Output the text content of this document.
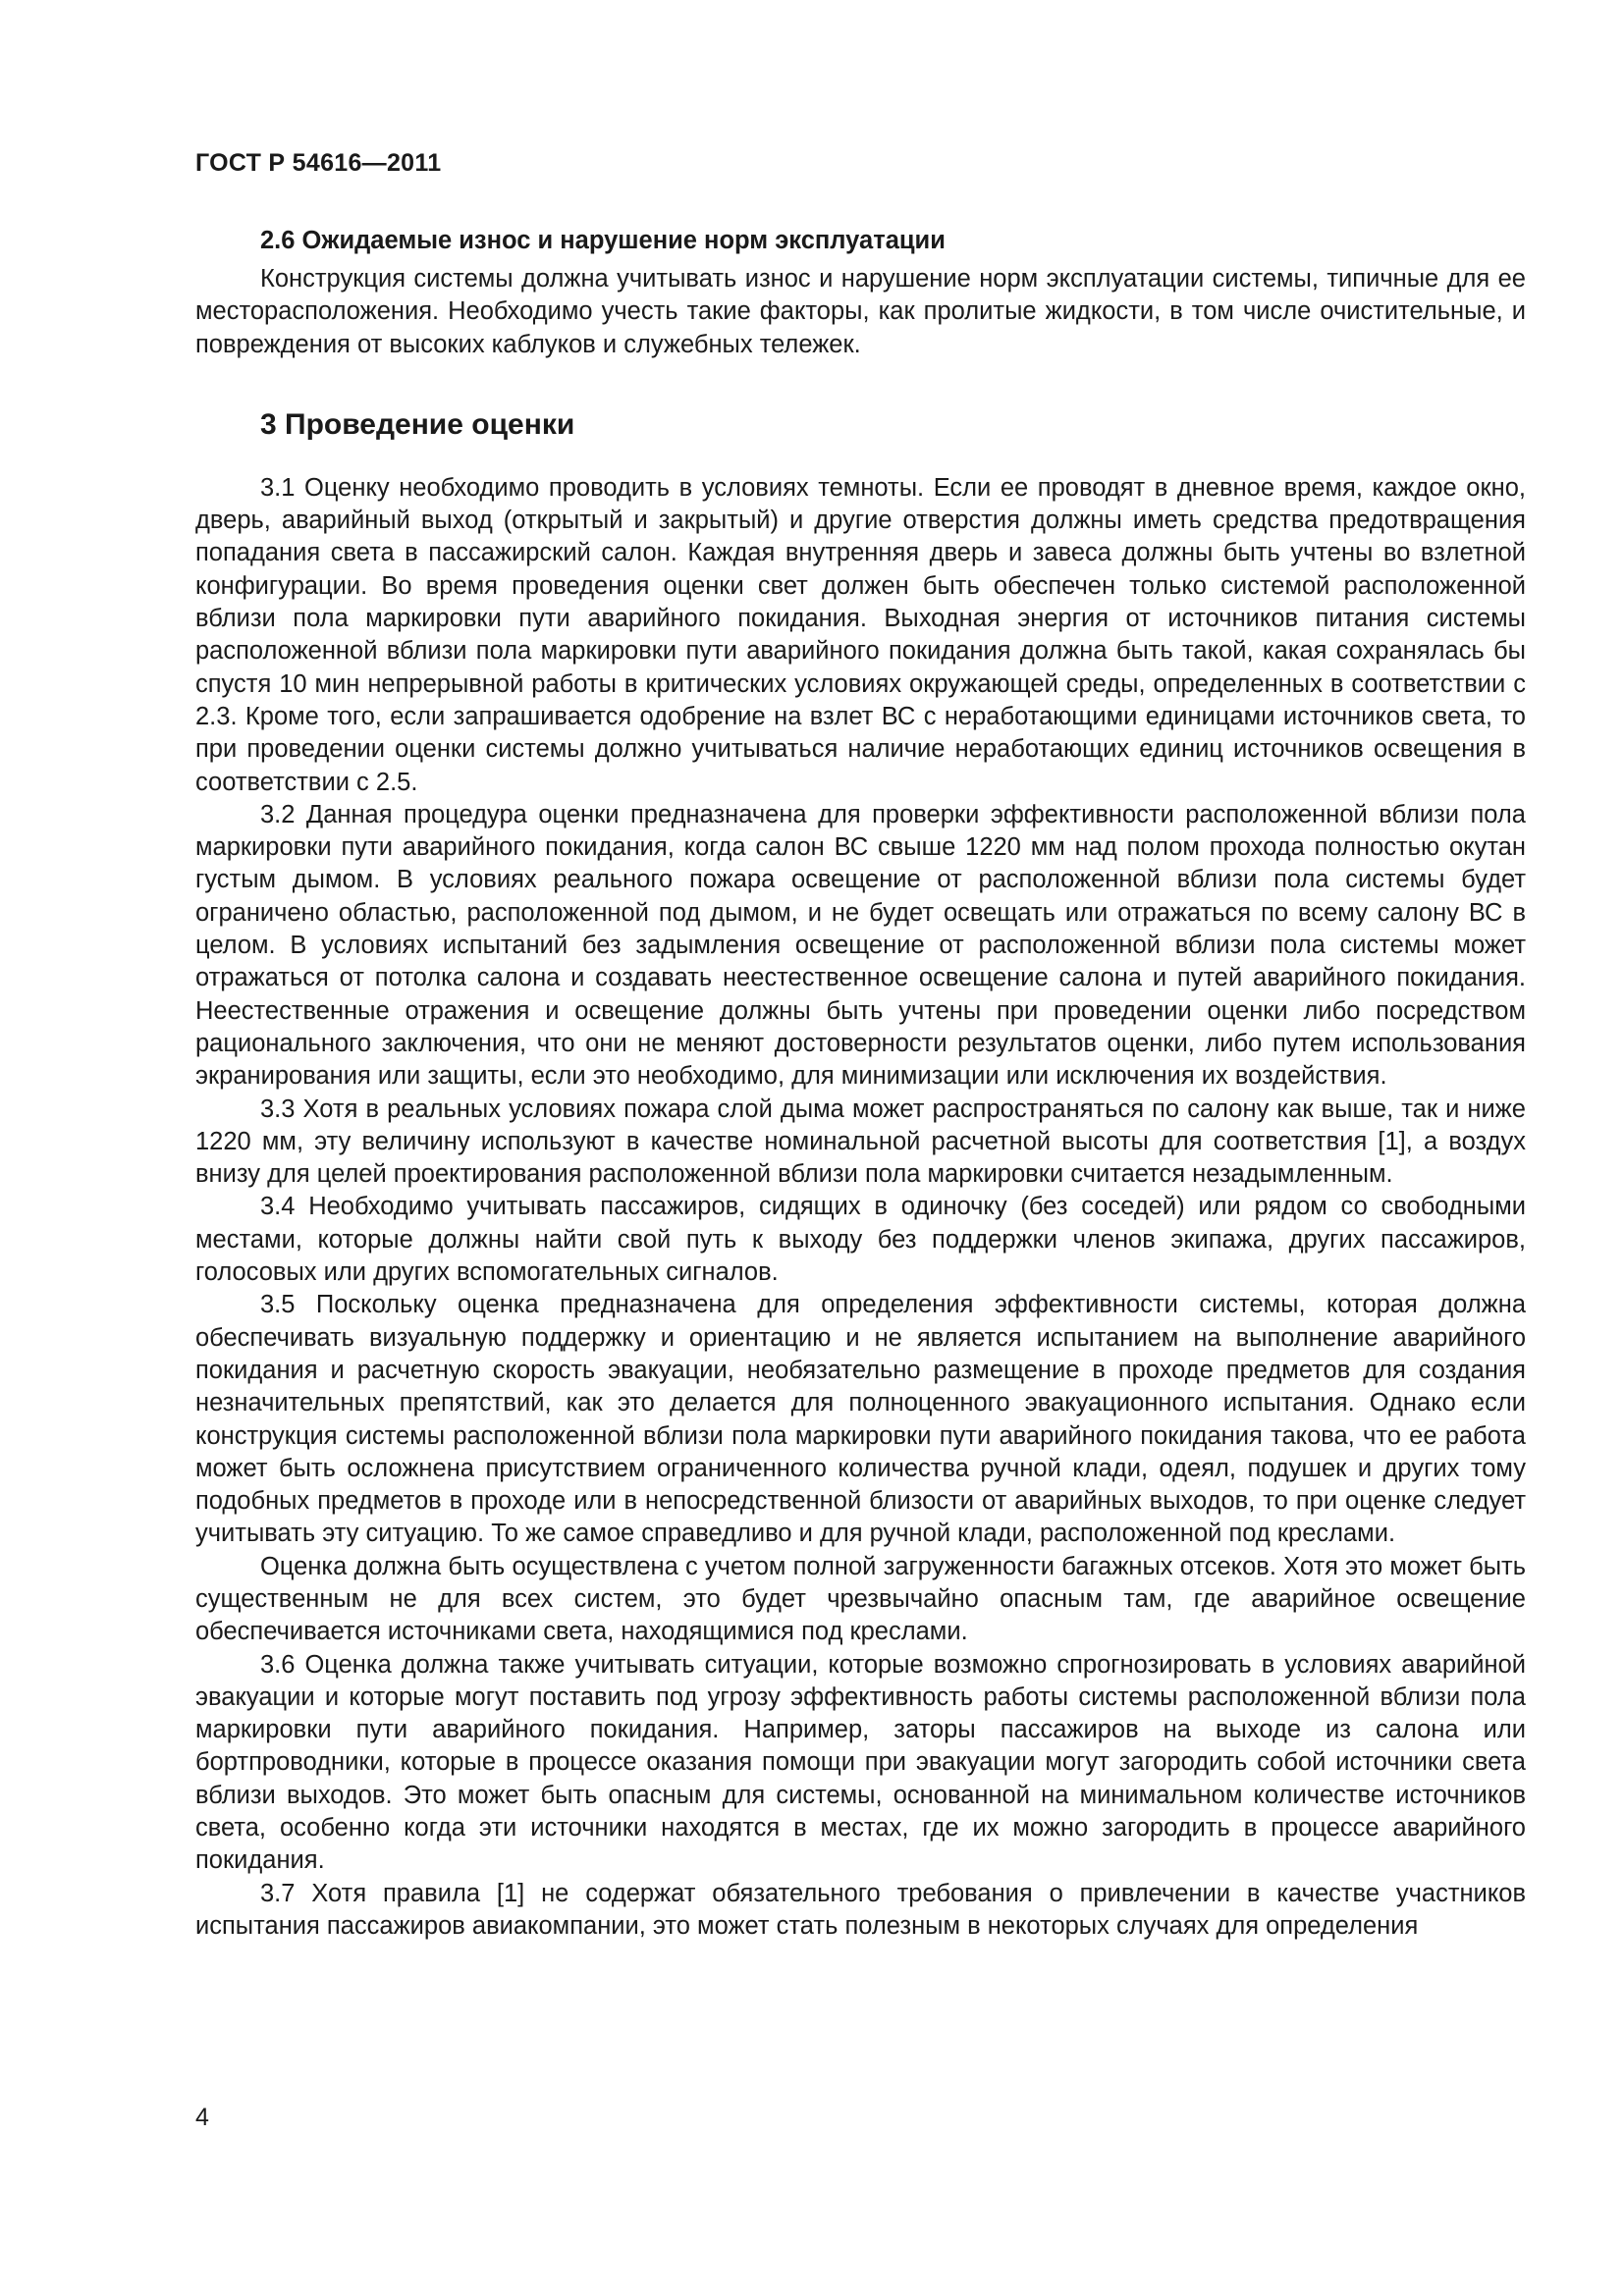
ГОСТ Р 54616—2011
2.6 Ожидаемые износ и нарушение норм эксплуатации

Конструкция системы должна учитывать износ и нарушение норм эксплуатации системы, типичные для ее месторасположения. Необходимо учесть такие факторы, как пролитые жидкости, в том числе очистительные, и повреждения от высоких каблуков и служебных тележек.

3 Проведение оценки

3.1 Оценку необходимо проводить в условиях темноты. Если ее проводят в дневное время, каждое окно, дверь, аварийный выход (открытый и закрытый) и другие отверстия должны иметь средства предотвращения попадания света в пассажирский салон. Каждая внутренняя дверь и завеса должны быть учтены во взлетной конфигурации. Во время проведения оценки свет должен быть обеспечен только системой расположенной вблизи пола маркировки пути аварийного покидания. Выходная энергия от источников питания системы расположенной вблизи пола маркировки пути аварийного покидания должна быть такой, какая сохранялась бы спустя 10 мин непрерывной работы в критических условиях окружающей среды, определенных в соответствии с 2.3. Кроме того, если запрашивается одобрение на взлет ВС с неработающими единицами источников света, то при проведении оценки системы должно учитываться наличие неработающих единиц источников освещения в соответствии с 2.5.

3.2 Данная процедура оценки предназначена для проверки эффективности расположенной вблизи пола маркировки пути аварийного покидания, когда салон ВС свыше 1220 мм над полом прохода полностью окутан густым дымом. В условиях реального пожара освещение от расположенной вблизи пола системы будет ограничено областью, расположенной под дымом, и не будет освещать или отражаться по всему салону ВС в целом. В условиях испытаний без задымления освещение от расположенной вблизи пола системы может отражаться от потолка салона и создавать неестественное освещение салона и путей аварийного покидания. Неестественные отражения и освещение должны быть учтены при проведении оценки либо посредством рационального заключения, что они не меняют достоверности результатов оценки, либо путем использования экранирования или защиты, если это необходимо, для минимизации или исключения их воздействия.

3.3 Хотя в реальных условиях пожара слой дыма может распространяться по салону как выше, так и ниже 1220 мм, эту величину используют в качестве номинальной расчетной высоты для соответствия [1], а воздух внизу для целей проектирования расположенной вблизи пола маркировки считается незадымленным.

3.4 Необходимо учитывать пассажиров, сидящих в одиночку (без соседей) или рядом со свободными местами, которые должны найти свой путь к выходу без поддержки членов экипажа, других пассажиров, голосовых или других вспомогательных сигналов.

3.5 Поскольку оценка предназначена для определения эффективности системы, которая должна обеспечивать визуальную поддержку и ориентацию и не является испытанием на выполнение аварийного покидания и расчетную скорость эвакуации, необязательно размещение в проходе предметов для создания незначительных препятствий, как это делается для полноценного эвакуационного испытания. Однако если конструкция системы расположенной вблизи пола маркировки пути аварийного покидания такова, что ее работа может быть осложнена присутствием ограниченного количества ручной клади, одеял, подушек и других тому подобных предметов в проходе или в непосредственной близости от аварийных выходов, то при оценке следует учитывать эту ситуацию. То же самое справедливо и для ручной клади, расположенной под креслами.

Оценка должна быть осуществлена с учетом полной загруженности багажных отсеков. Хотя это может быть существенным не для всех систем, это будет чрезвычайно опасным там, где аварийное освещение обеспечивается источниками света, находящимися под креслами.

3.6 Оценка должна также учитывать ситуации, которые возможно спрогнозировать в условиях аварийной эвакуации и которые могут поставить под угрозу эффективность работы системы расположенной вблизи пола маркировки пути аварийного покидания. Например, заторы пассажиров на выходе из салона или бортпроводники, которые в процессе оказания помощи при эвакуации могут загородить собой источники света вблизи выходов. Это может быть опасным для системы, основанной на минимальном количестве источников света, особенно когда эти источники находятся в местах, где их можно загородить в процессе аварийного покидания.

3.7 Хотя правила [1] не содержат обязательного требования о привлечении в качестве участников испытания пассажиров авиакомпании, это может стать полезным в некоторых случаях для определения

4
